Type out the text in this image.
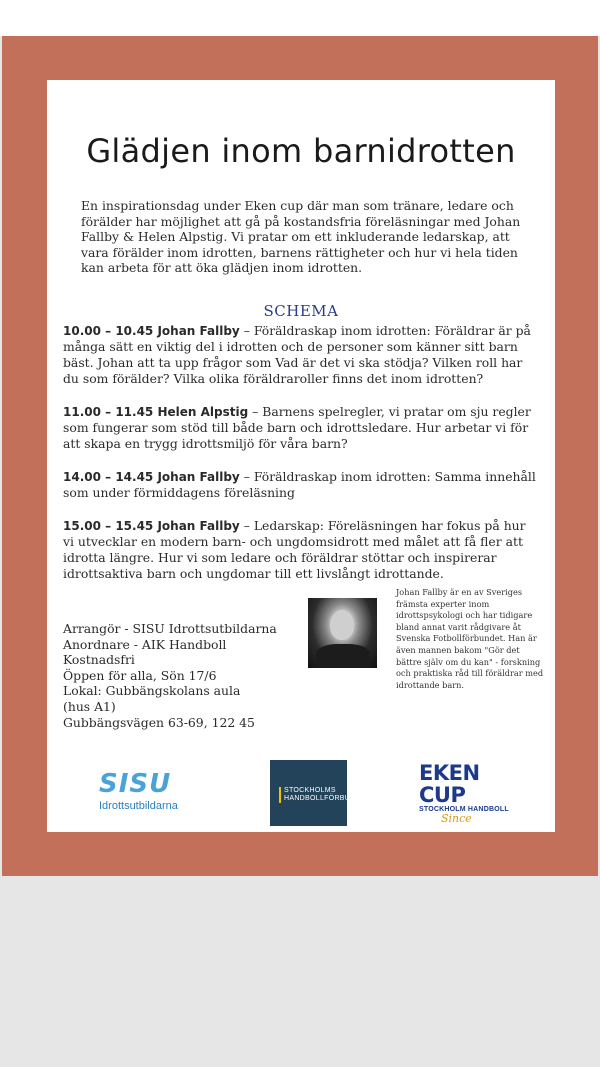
Glädjen inom barnidrotten
En inspirationsdag under Eken cup där man som tränare, ledare och förälder har möjlighet att gå på kostandsfria föreläsningar med Johan Fallby & Helen Alpstig. Vi pratar om ett inkluderande ledarskap, att vara förälder inom idrotten, barnens rättigheter och hur vi hela tiden kan arbeta för att öka glädjen inom idrotten.
SCHEMA
10.00 – 10.45 Johan Fallby – Föräldraskap inom idrotten: Föräldrar är på många sätt en viktig del i idrotten och de personer som känner sitt barn bäst. Johan att ta upp frågor som Vad är det vi ska stödja? Vilken roll har du som förälder? Vilka olika föräldraroller finns det inom idrotten?
11.00 – 11.45 Helen Alpstig – Barnens spelregler, vi pratar om sju regler som fungerar som stöd till både barn och idrottsledare. Hur arbetar vi för att skapa en trygg idrottsmiljö för våra barn?
14.00 – 14.45 Johan Fallby – Föräldraskap inom idrotten: Samma innehåll som under förmiddagens föreläsning
15.00 – 15.45 Johan Fallby – Ledarskap: Föreläsningen har fokus på hur vi utvecklar en modern barn- och ungdomsidrott med målet att få fler att idrotta längre. Hur vi som ledare och föräldrar stöttar och inspirerar idrottsaktiva barn och ungdomar till ett livslångt idrottande.
Arrangör - SISU Idrottsutbildarna
Anordnare - AIK Handboll
Kostnadsfri
Öppen för alla, Sön 17/6
Lokal: Gubbängskolans aula
(hus A1)
Gubbängsvägen 63-69, 122 45
Johan Fallby är en av Sveriges främsta experter inom idrottspsykologi och har tidigare bland annat varit rådgivare åt Svenska Fotbollförbundet. Han är även mannen bakom "Gör det bättre själv om du kan" - forskning och praktiska råd till föräldrar med idrottande barn.
SISU
Idrottsutbildarna
STOCKHOLMS
HANDBOLLFÖRBUND
EKEN CUP
STOCKHOLM HANDBOLL
Since
